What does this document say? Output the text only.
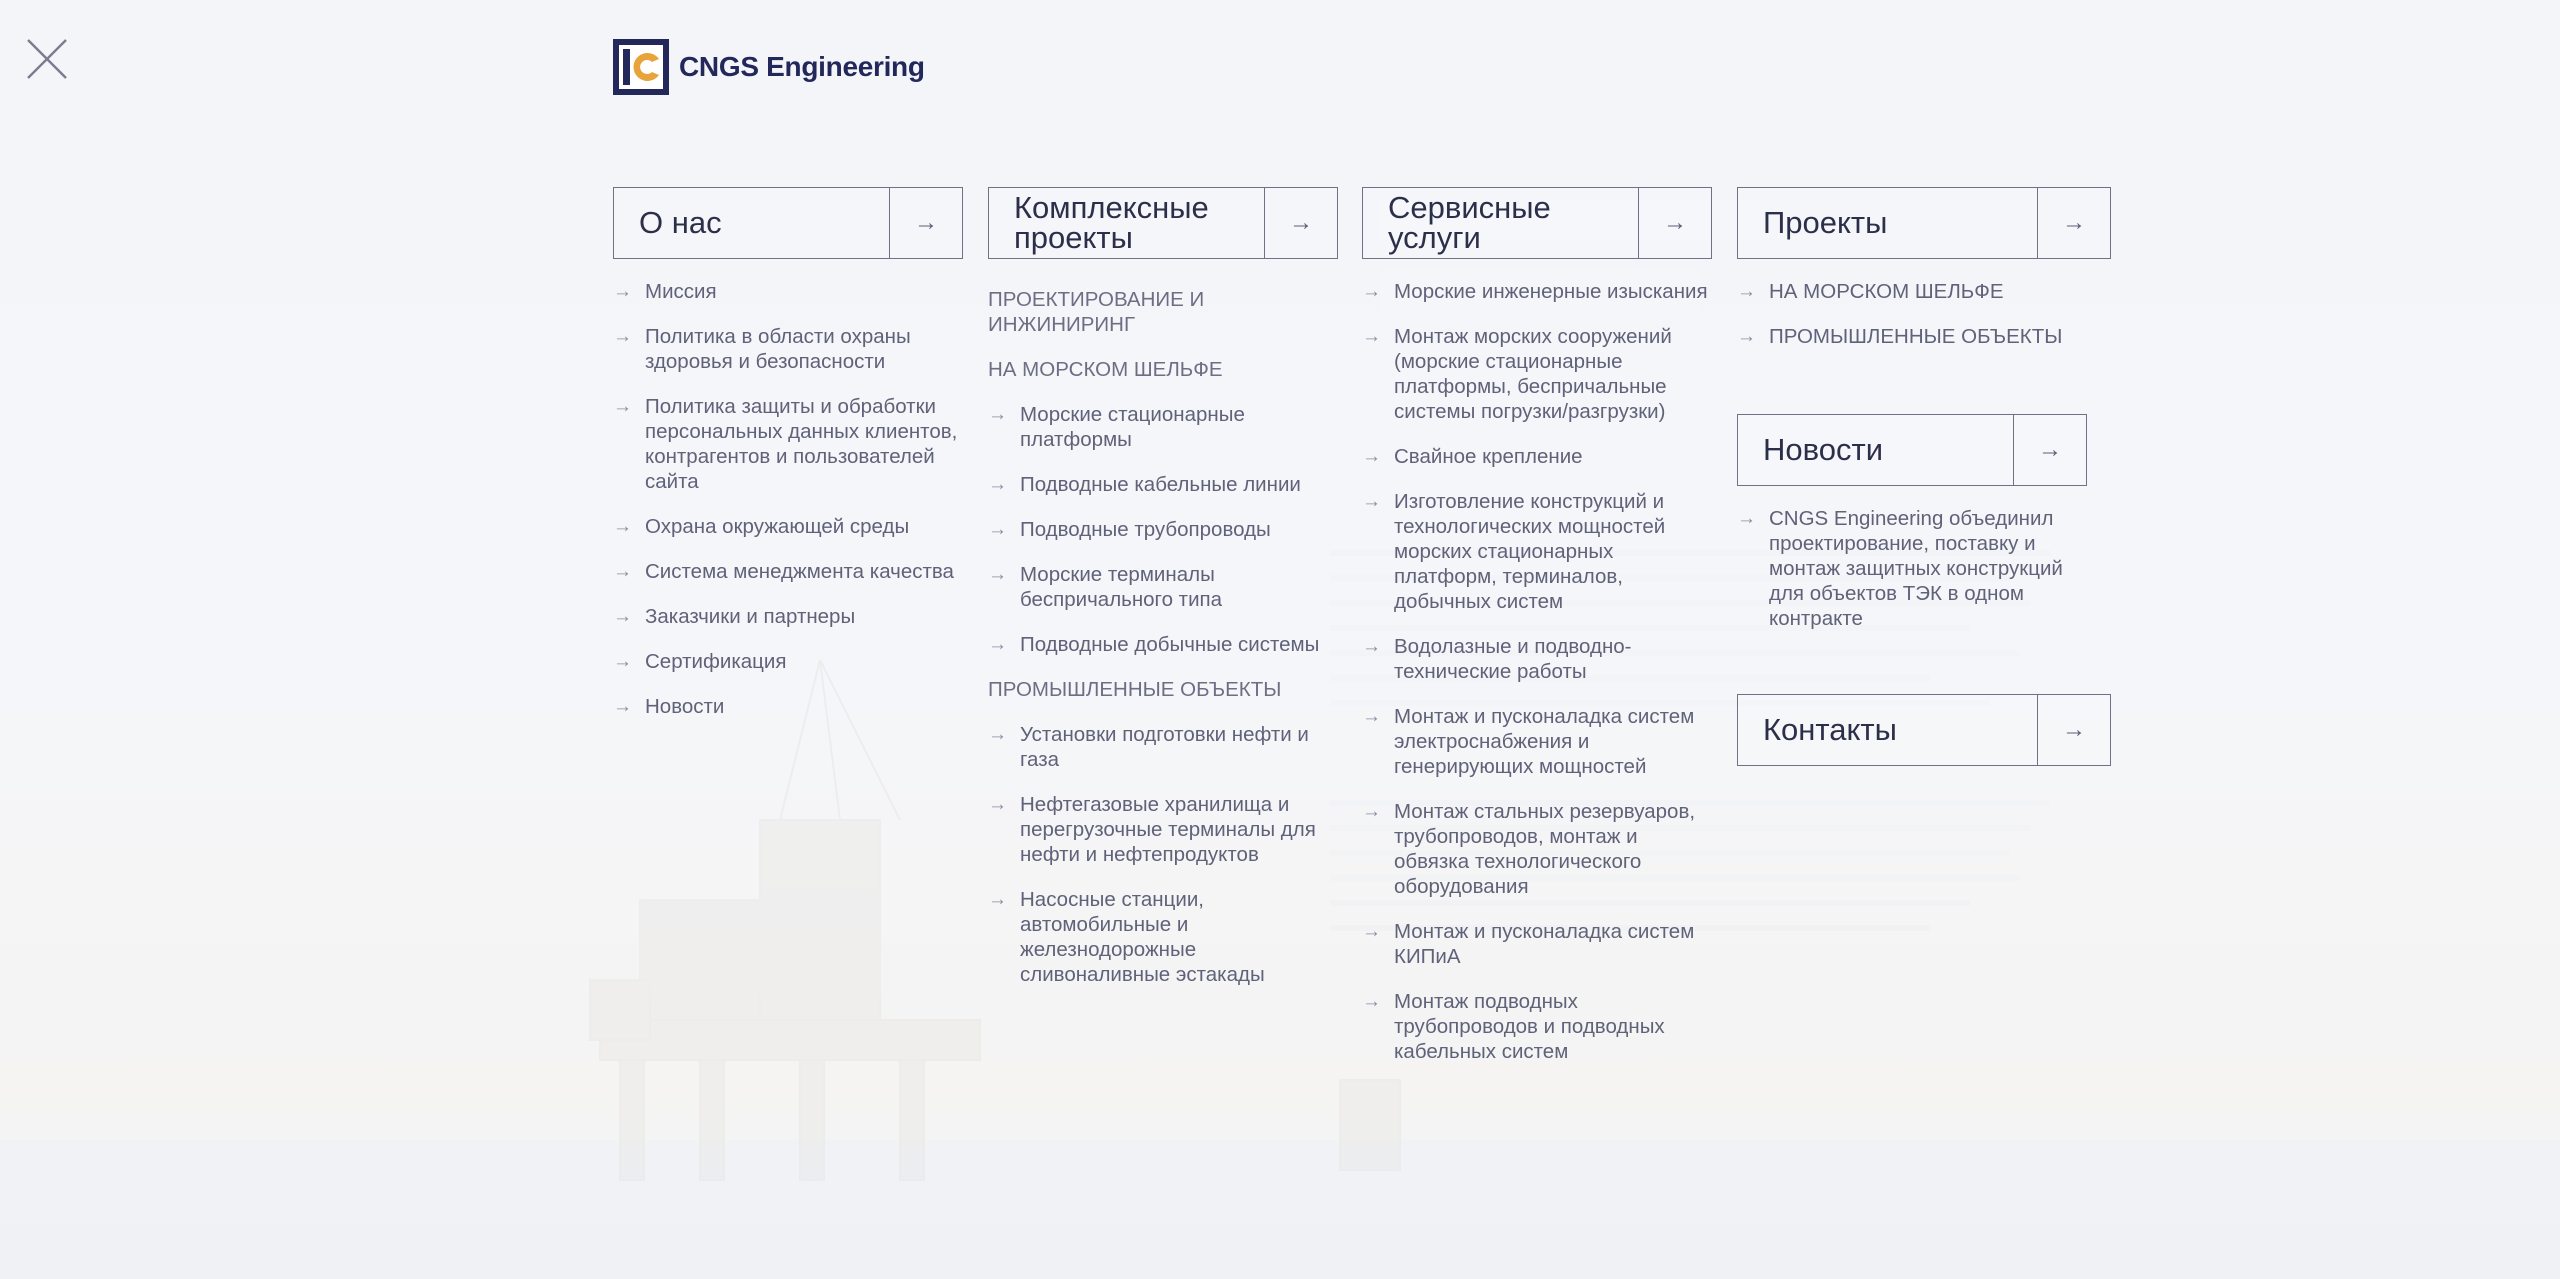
CNGS Engineering
О нас	→
→ Миссия
→ Политика в области охраны здоровья и безопасности
→ Политика защиты и обработки персональных данных клиентов, контрагентов и пользователей сайта
→ Охрана окружающей среды
→ Система менеджмента качества
→ Заказчики и партнеры
→ Сертификация
→ Новости
Комплексные
проекты	→
ПРОЕКТИРОВАНИЕ И ИНЖИНИРИНГ
НА МОРСКОМ ШЕЛЬФЕ
→ Морские стационарные платформы
→ Подводные кабельные линии
→ Подводные трубопроводы
→ Морские терминалы беспричального типа
→ Подводные добычные системы
ПРОМЫШЛЕННЫЕ ОБЪЕКТЫ
→ Установки подготовки нефти и газа
→ Нефтегазовые хранилища и перегрузочные терминалы для нефти и нефтепродуктов
→ Насосные станции, автомобильные и железнодорожные сливоналивные эстакады
Сервисные
услуги	→
→ Морские инженерные изыскания
→ Монтаж морских сооружений (морские стационарные платформы, беспричальные системы погрузки/разгрузки)
→ Свайное крепление
→ Изготовление конструкций и технологических мощностей морских стационарных платформ, терминалов, добычных систем
→ Водолазные и подводно-технические работы
→ Монтаж и пусконаладка систем электроснабжения и генерирующих мощностей
→ Монтаж стальных резервуаров, трубопроводов, монтаж и обвязка технологического оборудования
→ Монтаж и пусконаладка систем КИПиА
→ Монтаж подводных трубопроводов и подводных кабельных систем
Проекты	→
→ НА МОРСКОМ ШЕЛЬФЕ
→ ПРОМЫШЛЕННЫЕ ОБЪЕКТЫ
Новости	→
→ CNGS Engineering объединил проектирование, поставку и монтаж защитных конструкций для объектов ТЭК в одном контракте
Контакты	→
